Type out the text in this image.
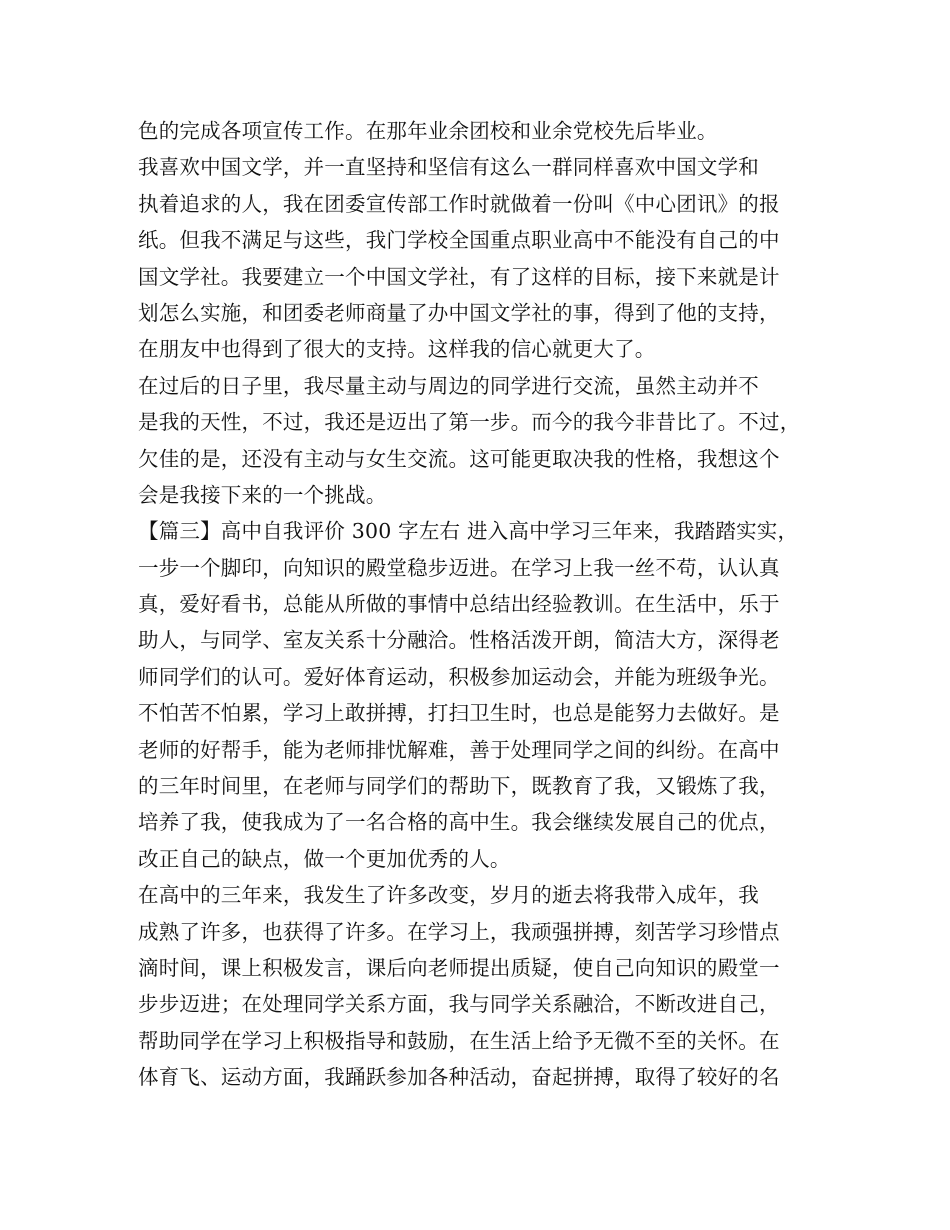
色的完成各项宣传工作。在那年业余团校和业余党校先后毕业。
我喜欢中国文学，并一直坚持和坚信有这么一群同样喜欢中国文学和
执着追求的人，我在团委宣传部工作时就做着一份叫《中心团讯》的报
纸。但我不满足与这些，我门学校全国重点职业高中不能没有自己的中
国文学社。我要建立一个中国文学社，有了这样的目标，接下来就是计
划怎么实施，和团委老师商量了办中国文学社的事，得到了他的支持，
在朋友中也得到了很大的支持。这样我的信心就更大了。
在过后的日子里，我尽量主动与周边的同学进行交流，虽然主动并不
是我的天性，不过，我还是迈出了第一步。而今的我今非昔比了。不过，
欠佳的是，还没有主动与女生交流。这可能更取决我的性格，我想这个
会是我接下来的一个挑战。
【篇三】高中自我评价 300 字左右 进入高中学习三年来，我踏踏实实，
一步一个脚印，向知识的殿堂稳步迈进。在学习上我一丝不苟，认认真
真，爱好看书，总能从所做的事情中总结出经验教训。在生活中，乐于
助人，与同学、室友关系十分融洽。性格活泼开朗，简洁大方，深得老
师同学们的认可。爱好体育运动，积极参加运动会，并能为班级争光。
不怕苦不怕累，学习上敢拼搏，打扫卫生时，也总是能努力去做好。是
老师的好帮手，能为老师排忧解难，善于处理同学之间的纠纷。在高中
的三年时间里，在老师与同学们的帮助下，既教育了我，又锻炼了我，
培养了我，使我成为了一名合格的高中生。我会继续发展自己的优点，
改正自己的缺点，做一个更加优秀的人。
在高中的三年来，我发生了许多改变，岁月的逝去将我带入成年，我
成熟了许多，也获得了许多。在学习上，我顽强拼搏，刻苦学习珍惜点
滴时间，课上积极发言，课后向老师提出质疑，使自己向知识的殿堂一
步步迈进；在处理同学关系方面，我与同学关系融洽，不断改进自己，
帮助同学在学习上积极指导和鼓励，在生活上给予无微不至的关怀。在
体育飞、运动方面，我踊跃参加各种活动，奋起拼搏，取得了较好的名
